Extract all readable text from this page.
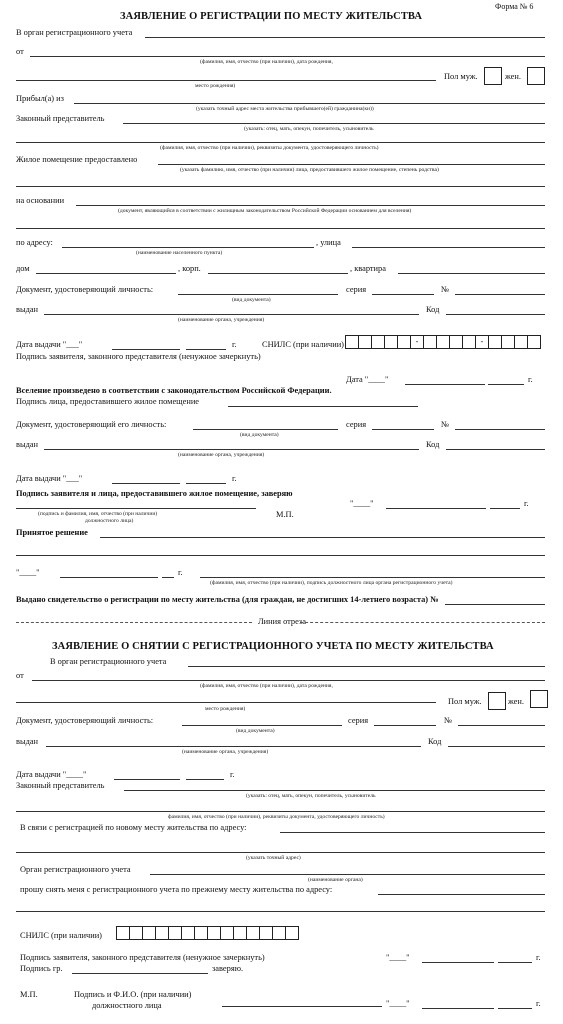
Форма № 6
ЗАЯВЛЕНИЕ О РЕГИСТРАЦИИ ПО МЕСТУ ЖИТЕЛЬСТВА
В орган регистрационного учета
от
(фамилия, имя, отчество (при наличии), дата рождения,
место рождения)
Пол муж.	жен.
Прибыл(а) из
(указать точный адрес места жительства прибывшего(ей) гражданина(ки))
Законный представитель
(указать: отец, мать, опекун, попечитель, усыновитель
(фамилия, имя, отчество (при наличии), реквизиты документа, удостоверяющего личность)
Жилое помещение предоставлено
(указать фамилию, имя, отчество (при наличии) лица, предоставившего жилое помещение, степень родства)
на основании
(документ, являющийся в соответствии с жилищным законодательством Российской Федерации основанием для вселения)
по адресу:	, улица
(наименование населенного пункта)
дом	, корп.	, квартира
Документ, удостоверяющий личность:	серия	№
(вид документа)
выдан	Код
(наименование органа, учреждения)
Дата выдачи "___"	г.	СНИЛС (при наличии)	-	-
Подпись заявителя, законного представителя (ненужное зачеркнуть)
Дата "____"	г.
Вселение произведено в соответствии с законодательством Российской Федерации.
Подпись лица, предоставившего жилое помещение
Документ, удостоверяющий его личность:	серия	№
(вид документа)
выдан	Код
(наименование органа, учреждения)
Дата выдачи "___"	г.
Подпись заявителя и лица, предоставившего жилое помещение, заверяю
"____"	г.
(подпись и фамилия, имя, отчество (при наличии)
должностного лица)
М.П.
Принятое решение
"____"	г.
(фамилия, имя, отчество (при наличии), подпись должностного лица органа регистрационного учета)
Выдано свидетельство о регистрации по месту жительства (для граждан, не достигших 14-летнего возраста) №
Линия отреза
ЗАЯВЛЕНИЕ О СНЯТИИ С РЕГИСТРАЦИОННОГО УЧЕТА ПО МЕСТУ ЖИТЕЛЬСТВА
В орган регистрационного учета
от
(фамилия, имя, отчество (при наличии), дата рождения,
место рождения)
Пол муж.	жен.
Документ, удостоверяющий личность:	серия	№
(вид документа)
выдан	Код
(наименование органа, учреждения)
Дата выдачи "____"	г.
Законный представитель
(указать: отец, мать, опекун, попечитель, усыновитель
фамилия, имя, отчество (при наличии), реквизиты документа, удостоверяющего личность)
В связи с регистрацией по новому месту жительства по адресу:
(указать точный адрес)
Орган регистрационного учета
(наименование органа)
прошу снять меня с регистрационного учета по прежнему месту жительства по адресу:
СНИЛС (при наличии)
Подпись заявителя, законного представителя (ненужное зачеркнуть)	"____"	г.
Подпись гр.	заверяю.
М.П.	Подпись и Ф.И.О. (при наличии)
должностного лица	"____"	г.
